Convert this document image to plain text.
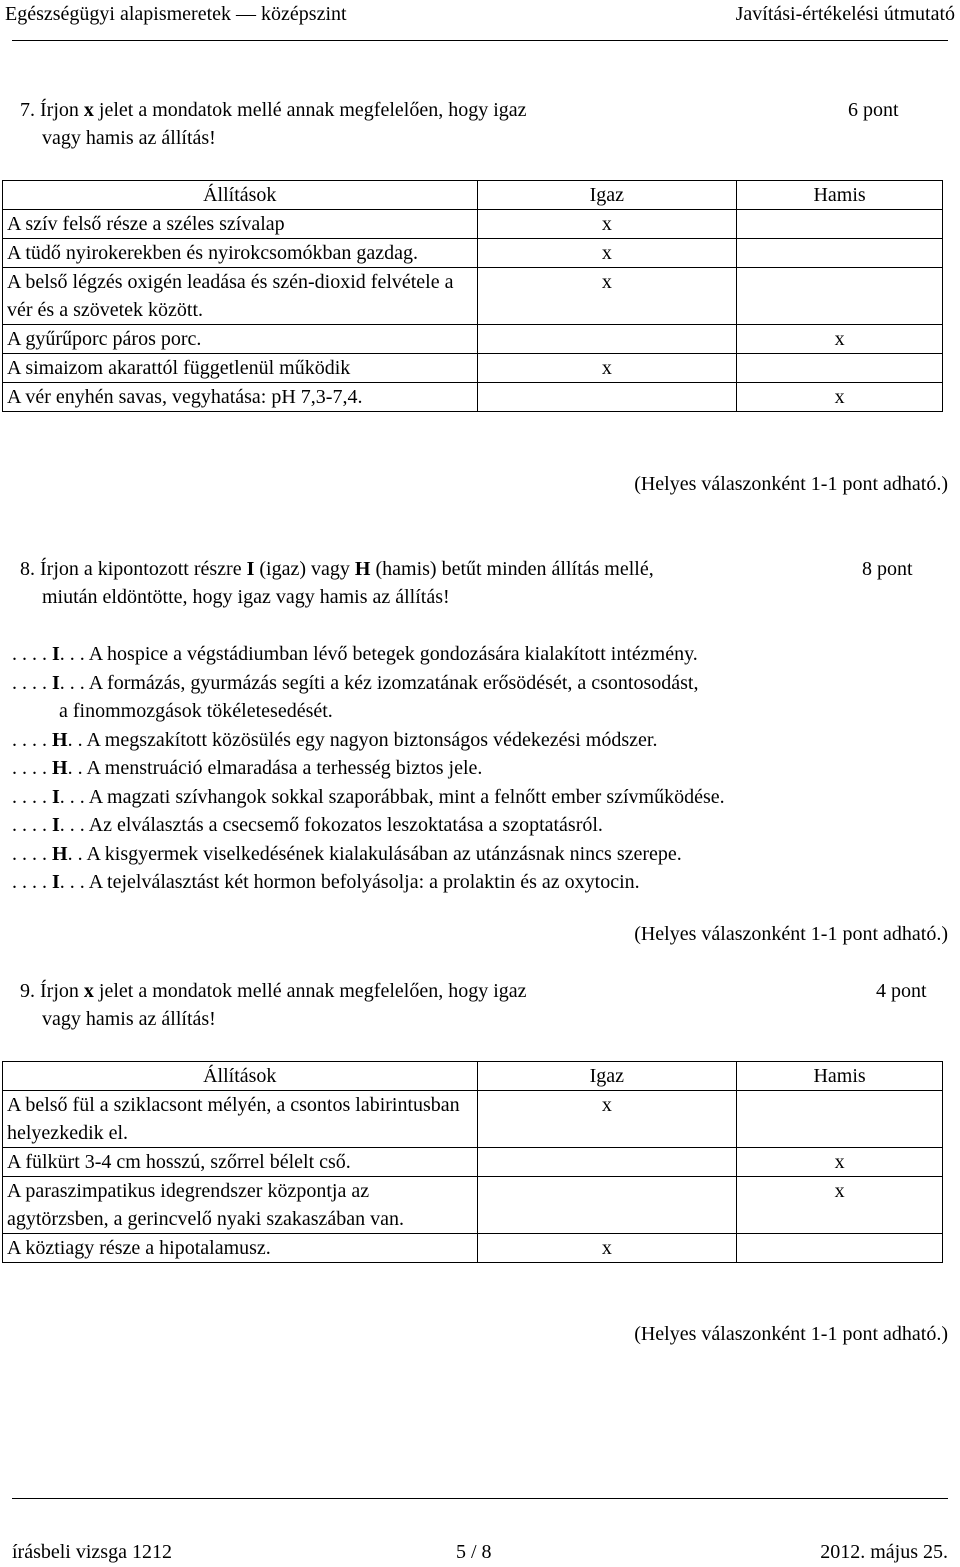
Egészségügyi alapismeretek — középszint	Javítási-értékelési útmutató
7. Írjon x jelet a mondatok mellé annak megfelelően, hogy igaz
vagy hamis az állítás!
6 pont
Állítások	Igaz	Hamis
A szív felső része a széles szívalap	x	
A tüdő nyirokerekben és nyirokcsomókban gazdag.	x	
A belső légzés oxigén leadása és szén-dioxid felvétele a vér és a szövetek között.	x	
A gyűrűporc páros porc.		x
A simaizom akarattól függetlenül működik	x	
A vér enyhén savas, vegyhatása: pH 7,3-7,4.		x
(Helyes válaszonként 1-1 pont adható.)
8. Írjon a kipontozott részre I (igaz) vagy H (hamis) betűt minden állítás mellé,
miután eldöntötte, hogy igaz vagy hamis az állítás!
8 pont
. . . . I. . . A hospice a végstádiumban lévő betegek gondozására kialakított intézmény.
. . . . I. . . A formázás, gyurmázás segíti a kéz izomzatának erősödését, a csontosodást,
a finommozgások tökéletesedését.
. . . . H. . A megszakított közösülés egy nagyon biztonságos védekezési módszer.
. . . . H. . A menstruáció elmaradása a terhesség biztos jele.
. . . . I. . . A magzati szívhangok sokkal szaporábbak, mint a felnőtt ember szívműködése.
. . . . I. . . Az elválasztás a csecsemő fokozatos leszoktatása a szoptatásról.
. . . . H. . A kisgyermek viselkedésének kialakulásában az utánzásnak nincs szerepe.
. . . . I. . . A tejelválasztást két hormon befolyásolja: a prolaktin és az oxytocin.
(Helyes válaszonként 1-1 pont adható.)
9. Írjon x jelet a mondatok mellé annak megfelelően, hogy igaz
vagy hamis az állítás!
4 pont
Állítások	Igaz	Hamis
A belső fül a sziklacsont mélyén, a csontos labirintusban helyezkedik el.	x	
A fülkürt 3-4 cm hosszú, szőrrel bélelt cső.		x
A paraszimpatikus idegrendszer központja az agytörzsben, a gerincvelő nyaki szakaszában van.		x
A köztiagy része a hipotalamusz.	x	
(Helyes válaszonként 1-1 pont adható.)
írásbeli vizsga 1212	5 / 8	2012. május 25.
